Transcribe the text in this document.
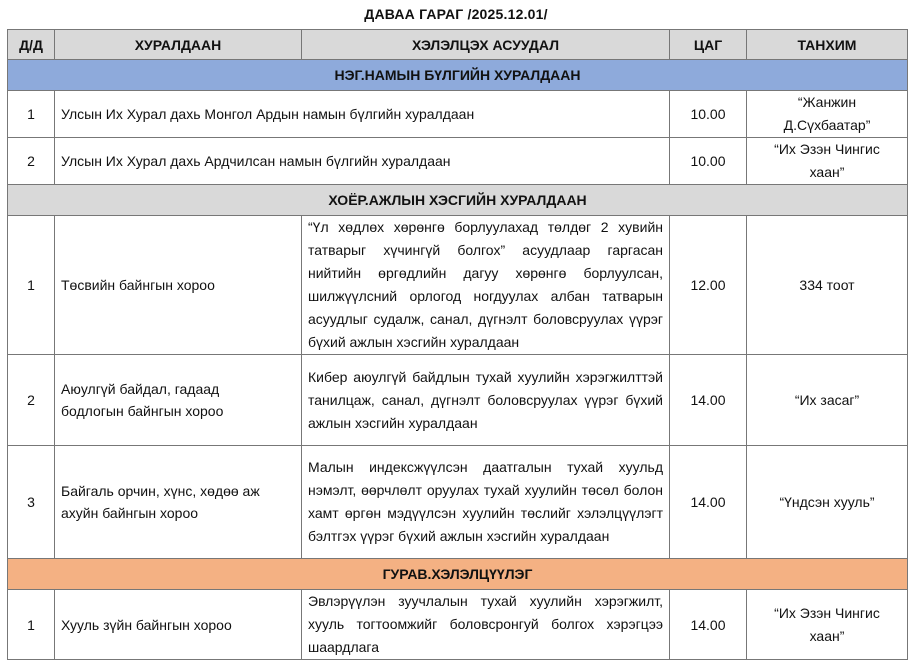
ДАВАА ГАРАГ /2025.12.01/
Д/Д	ХУРАЛДААН	ХЭЛЭЛЦЭХ АСУУДАЛ	ЦАГ	ТАНХИМ
НЭГ.НАМЫН БҮЛГИЙН ХУРАЛДААН				
1	Улсын Их Хурал дахь Монгол Ардын намын бүлгийн хуралдаан		10.00	“Жанжин
Д.Сүхбаатар”
2	Улсын Их Хурал дахь Ардчилсан намын бүлгийн хуралдаан		10.00	“Их Эзэн Чингис
хаан”
ХОЁР.АЖЛЫН ХЭСГИЙН ХУРАЛДААН				
1	Төсвийн байнгын хороо	“Үл хөдлөх хөрөнгө борлуулахад төлдөг 2 хувийн татварыг хүчингүй болгох” асуудлаар гаргасан нийтийн өргөдлийн дагуу хөрөнгө борлуулсан, шилжүүлсний орлогод ногдуулах албан татварын асуудлыг судалж, санал, дүгнэлт боловсруулах үүрэг бүхий ажлын хэсгийн хуралдаан	12.00	334 тоот
2	Аюулгүй байдал, гадаад
бодлогын байнгын хороо	Кибер аюулгүй байдлын тухай хуулийн хэрэгжилттэй танилцаж, санал, дүгнэлт боловсруулах үүрэг бүхий ажлын хэсгийн хуралдаан	14.00	“Их засаг”
3	Байгаль орчин, хүнс, хөдөө аж
ахуйн байнгын хороо	Малын индексжүүлсэн даатгалын тухай хуульд нэмэлт, өөрчлөлт оруулах тухай хуулийн төсөл болон хамт өргөн мэдүүлсэн хуулийн төслийг хэлэлцүүлэгт бэлтгэх үүрэг бүхий ажлын хэсгийн хуралдаан	14.00	“Үндсэн хууль”
ГУРАВ.ХЭЛЭЛЦҮҮЛЭГ				
1	Хууль зүйн байнгын хороо	Эвлэрүүлэн зуучлалын тухай хуулийн хэрэгжилт, хууль тогтоомжийг боловсронгуй болгох хэрэгцээ шаардлага	14.00	“Их Эзэн Чингис
хаан”
